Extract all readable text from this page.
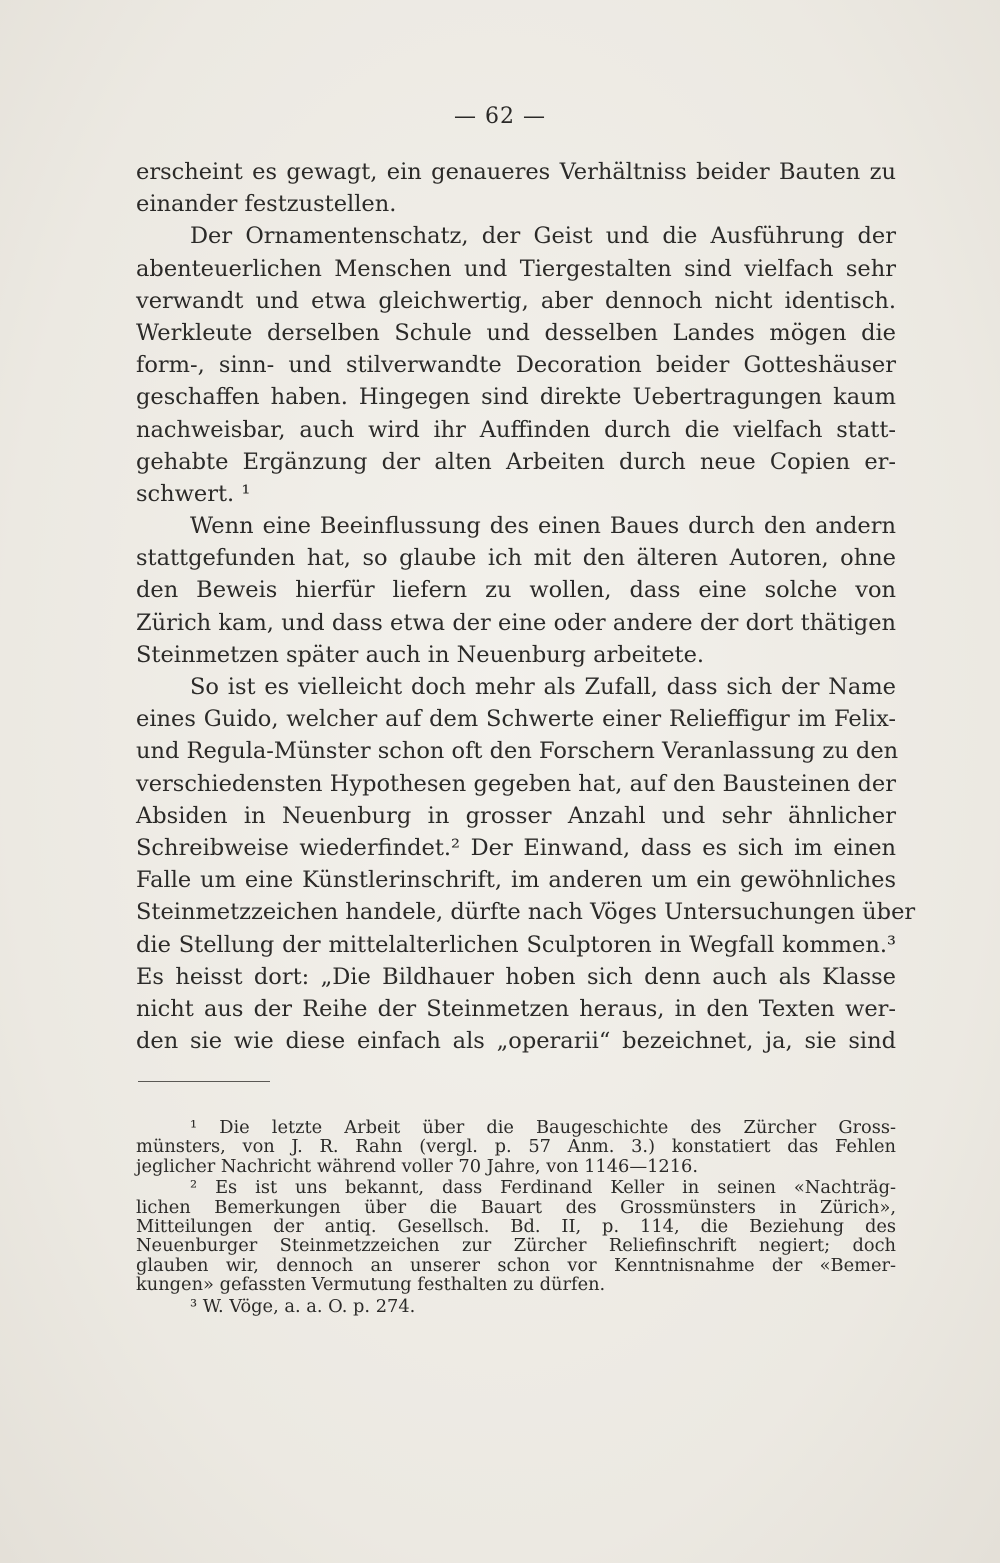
— 62 —
erscheint es gewagt, ein genaueres Verhältniss beider Bauten zu
einander festzustellen.
Der Ornamentenschatz, der Geist und die Ausführung der
abenteuerlichen Menschen und Tiergestalten sind vielfach sehr
verwandt und etwa gleichwertig, aber dennoch nicht identisch.
Werkleute derselben Schule und desselben Landes mögen die
form-, sinn- und stilverwandte Decoration beider Gotteshäuser
geschaffen haben. Hingegen sind direkte Uebertragungen kaum
nachweisbar, auch wird ihr Auffinden durch die vielfach statt-
gehabte Ergänzung der alten Arbeiten durch neue Copien er-
schwert. ¹
Wenn eine Beeinflussung des einen Baues durch den andern
stattgefunden hat, so glaube ich mit den älteren Autoren, ohne
den Beweis hierfür liefern zu wollen, dass eine solche von
Zürich kam, und dass etwa der eine oder andere der dort thätigen
Steinmetzen später auch in Neuenburg arbeitete.
So ist es vielleicht doch mehr als Zufall, dass sich der Name
eines Guido, welcher auf dem Schwerte einer Relieffigur im Felix-
und Regula-Münster schon oft den Forschern Veranlassung zu den
verschiedensten Hypothesen gegeben hat, auf den Bausteinen der
Absiden in Neuenburg in grosser Anzahl und sehr ähnlicher
Schreibweise wiederfindet.² Der Einwand, dass es sich im einen
Falle um eine Künstlerinschrift, im anderen um ein gewöhnliches
Steinmetzzeichen handele, dürfte nach Vöges Untersuchungen über
die Stellung der mittelalterlichen Sculptoren in Wegfall kommen.³
Es heisst dort: „Die Bildhauer hoben sich denn auch als Klasse
nicht aus der Reihe der Steinmetzen heraus, in den Texten wer-
den sie wie diese einfach als „operarii“ bezeichnet, ja, sie sind
¹ Die letzte Arbeit über die Baugeschichte des Zürcher Gross-
münsters, von J. R. Rahn (vergl. p. 57 Anm. 3.) konstatiert das Fehlen
jeglicher Nachricht während voller 70 Jahre, von 1146—1216.
² Es ist uns bekannt, dass Ferdinand Keller in seinen «Nachträg-
lichen Bemerkungen über die Bauart des Grossmünsters in Zürich»,
Mitteilungen der antiq. Gesellsch. Bd. II, p. 114, die Beziehung des
Neuenburger Steinmetzzeichen zur Zürcher Reliefinschrift negiert; doch
glauben wir, dennoch an unserer schon vor Kenntnisnahme der «Bemer-
kungen» gefassten Vermutung festhalten zu dürfen.
³ W. Vöge, a. a. O. p. 274.
